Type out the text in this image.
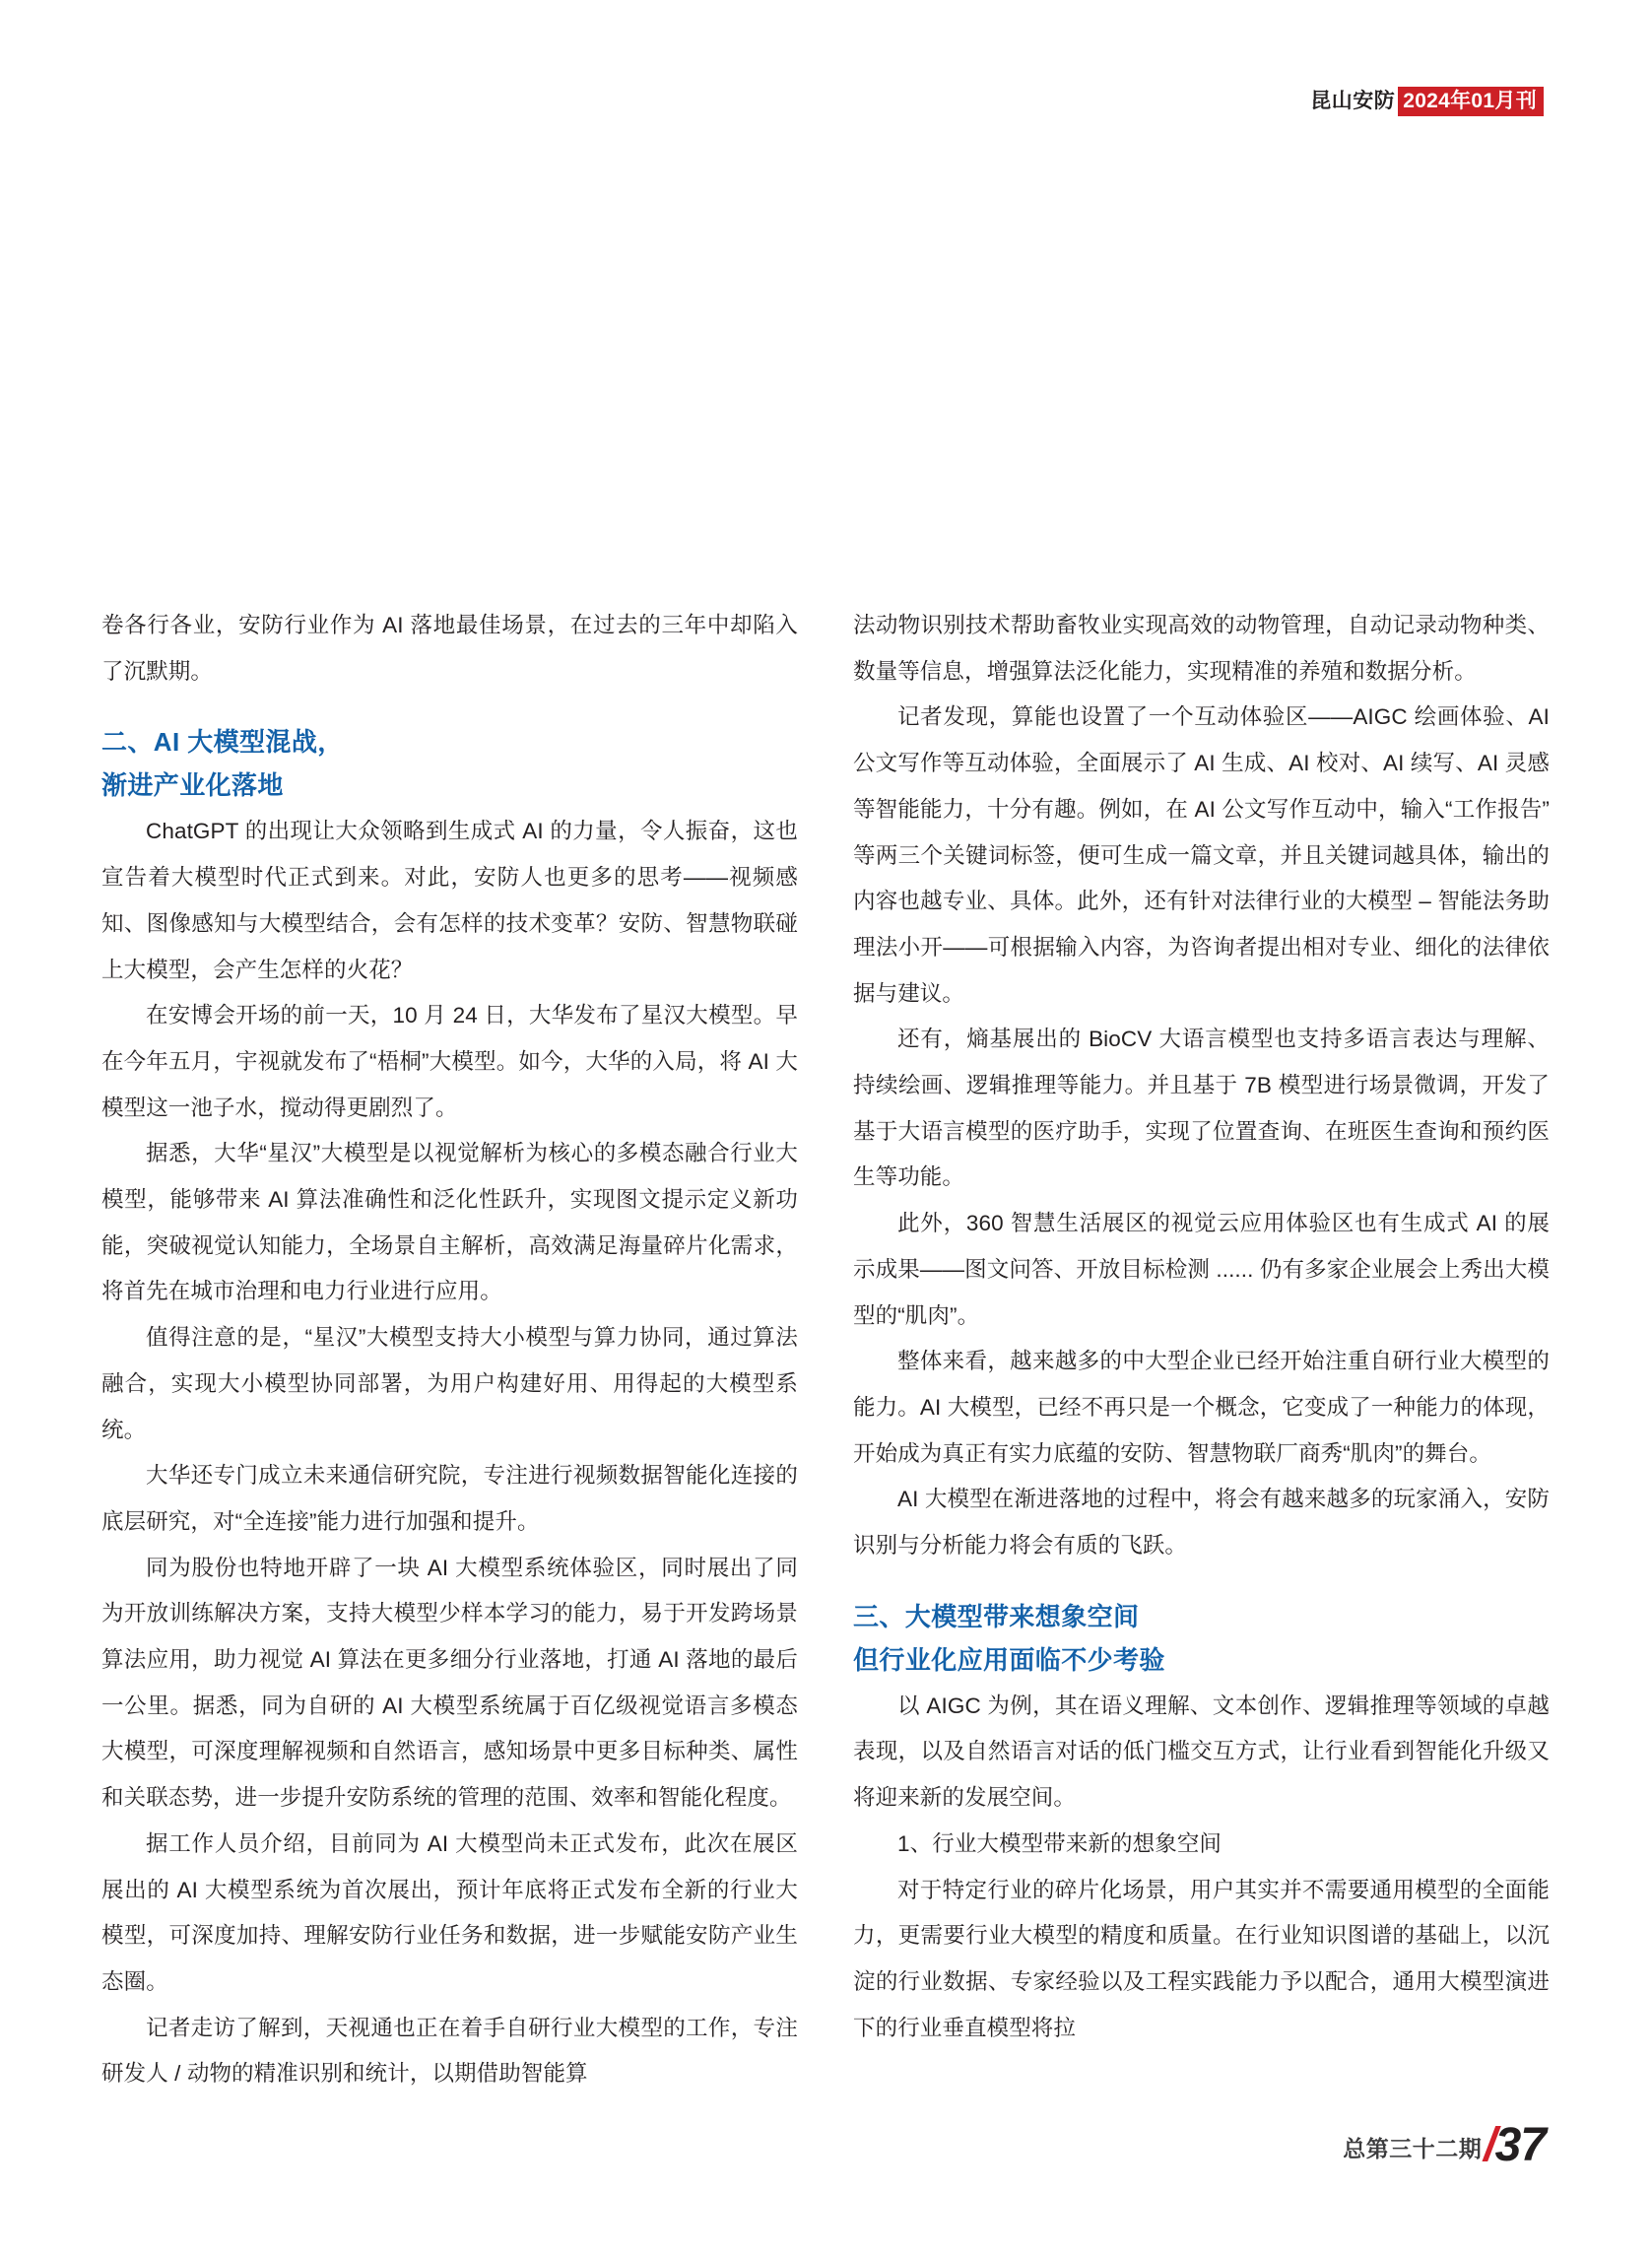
昆山安防 2024年01月刊

卷各行各业，安防行业作为 AI 落地最佳场景，在过去的三年中却陷入了沉默期。

二、AI 大模型混战，
渐进产业化落地

ChatGPT 的出现让大众领略到生成式 AI 的力量，令人振奋，这也宣告着大模型时代正式到来。对此，安防人也更多的思考——视频感知、图像感知与大模型结合，会有怎样的技术变革？安防、智慧物联碰上大模型，会产生怎样的火花？

在安博会开场的前一天，10 月 24 日，大华发布了星汉大模型。早在今年五月，宇视就发布了“梧桐”大模型。如今，大华的入局，将 AI 大模型这一池子水，搅动得更剧烈了。

据悉，大华“星汉”大模型是以视觉解析为核心的多模态融合行业大模型，能够带来 AI 算法准确性和泛化性跃升，实现图文提示定义新功能，突破视觉认知能力，全场景自主解析，高效满足海量碎片化需求，将首先在城市治理和电力行业进行应用。

值得注意的是，“星汉”大模型支持大小模型与算力协同，通过算法融合，实现大小模型协同部署，为用户构建好用、用得起的大模型系统。

大华还专门成立未来通信研究院，专注进行视频数据智能化连接的底层研究，对“全连接”能力进行加强和提升。

同为股份也特地开辟了一块 AI 大模型系统体验区，同时展出了同为开放训练解决方案，支持大模型少样本学习的能力，易于开发跨场景算法应用，助力视觉 AI 算法在更多细分行业落地，打通 AI 落地的最后一公里。据悉，同为自研的 AI 大模型系统属于百亿级视觉语言多模态大模型，可深度理解视频和自然语言，感知场景中更多目标种类、属性和关联态势，进一步提升安防系统的管理的范围、效率和智能化程度。

据工作人员介绍，目前同为 AI 大模型尚未正式发布，此次在展区展出的 AI 大模型系统为首次展出，预计年底将正式发布全新的行业大模型，可深度加持、理解安防行业任务和数据，进一步赋能安防产业生态圈。

记者走访了解到，天视通也正在着手自研行业大模型的工作，专注研发人 / 动物的精准识别和统计，以期借助智能算

法动物识别技术帮助畜牧业实现高效的动物管理，自动记录动物种类、数量等信息，增强算法泛化能力，实现精准的养殖和数据分析。

记者发现，算能也设置了一个互动体验区——AIGC 绘画体验、AI 公文写作等互动体验，全面展示了 AI 生成、AI 校对、AI 续写、AI 灵感等智能能力，十分有趣。例如，在 AI 公文写作互动中，输入“工作报告”等两三个关键词标签，便可生成一篇文章，并且关键词越具体，输出的内容也越专业、具体。此外，还有针对法律行业的大模型 – 智能法务助理法小开——可根据输入内容，为咨询者提出相对专业、细化的法律依据与建议。

还有，熵基展出的 BioCV 大语言模型也支持多语言表达与理解、持续绘画、逻辑推理等能力。并且基于 7B 模型进行场景微调，开发了基于大语言模型的医疗助手，实现了位置查询、在班医生查询和预约医生等功能。

此外，360 智慧生活展区的视觉云应用体验区也有生成式 AI 的展示成果——图文问答、开放目标检测 ...... 仍有多家企业展会上秀出大模型的“肌肉”。

整体来看，越来越多的中大型企业已经开始注重自研行业大模型的能力。AI 大模型，已经不再只是一个概念，它变成了一种能力的体现，开始成为真正有实力底蕴的安防、智慧物联厂商秀“肌肉”的舞台。

AI 大模型在渐进落地的过程中，将会有越来越多的玩家涌入，安防识别与分析能力将会有质的飞跃。

三、大模型带来想象空间
但行业化应用面临不少考验

以 AIGC 为例，其在语义理解、文本创作、逻辑推理等领域的卓越表现，以及自然语言对话的低门槛交互方式，让行业看到智能化升级又将迎来新的发展空间。

1、行业大模型带来新的想象空间

对于特定行业的碎片化场景，用户其实并不需要通用模型的全面能力，更需要行业大模型的精度和质量。在行业知识图谱的基础上，以沉淀的行业数据、专家经验以及工程实践能力予以配合，通用大模型演进下的行业垂直模型将拉

总第三十二期 / 37
